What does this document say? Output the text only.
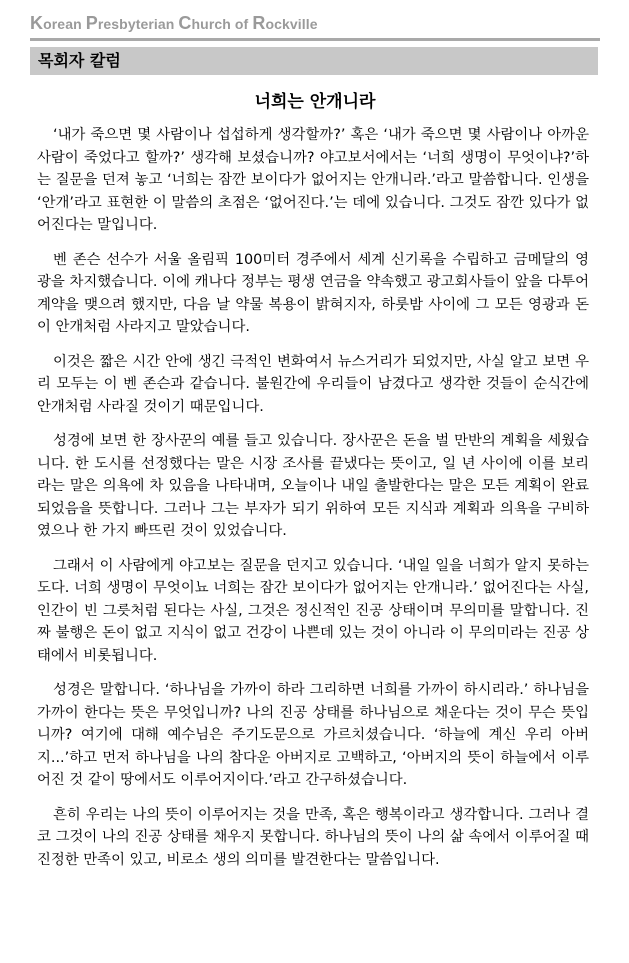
Korean Presbyterian Church of Rockville
목회자 칼럼
너희는 안개니라

‘내가 죽으면 몇 사람이나 섭섭하게 생각할까?’ 혹은 ‘내가 죽으면 몇 사람이나 아까운 사람이 죽었다고 할까?’ 생각해 보셨습니까? 야고보서에서는 ‘너희 생명이 무엇이냐?’하는 질문을 던져 놓고 ‘너희는 잠깐 보이다가 없어지는 안개니라.’라고 말씀합니다. 인생을 ‘안개’라고 표현한 이 말씀의 초점은 ‘없어진다.’는 데에 있습니다. 그것도 잠깐 있다가 없어진다는 말입니다.

벤 존슨 선수가 서울 올림픽 100미터 경주에서 세계 신기록을 수립하고 금메달의 영광을 차지했습니다. 이에 캐나다 정부는 평생 연금을 약속했고 광고회사들이 앞을 다투어 계약을 맺으려 했지만, 다음 날 약물 복용이 밝혀지자, 하룻밤 사이에 그 모든 영광과 돈이 안개처럼 사라지고 말았습니다.

이것은 짧은 시간 안에 생긴 극적인 변화여서 뉴스거리가 되었지만, 사실 알고 보면 우리 모두는 이 벤 존슨과 같습니다. 불원간에 우리들이 남겼다고 생각한 것들이 순식간에 안개처럼 사라질 것이기 때문입니다.

성경에 보면 한 장사꾼의 예를 들고 있습니다. 장사꾼은 돈을 벌 만반의 계획을 세웠습니다. 한 도시를 선정했다는 말은 시장 조사를 끝냈다는 뜻이고, 일 년 사이에 이를 보리라는 말은 의욕에 차 있음을 나타내며, 오늘이나 내일 출발한다는 말은 모든 계획이 완료되었음을 뜻합니다. 그러나 그는 부자가 되기 위하여 모든 지식과 계획과 의욕을 구비하였으나 한 가지 빠뜨린 것이 있었습니다.

그래서 이 사람에게 야고보는 질문을 던지고 있습니다. ‘내일 일을 너희가 알지 못하는 도다. 너희 생명이 무엇이뇨 너희는 잠간 보이다가 없어지는 안개니라.’ 없어진다는 사실, 인간이 빈 그릇처럼 된다는 사실, 그것은 정신적인 진공 상태이며 무의미를 말합니다. 진짜 불행은 돈이 없고 지식이 없고 건강이 나쁜데 있는 것이 아니라 이 무의미라는 진공 상태에서 비롯됩니다.

성경은 말합니다. ‘하나님을 가까이 하라 그리하면 너희를 가까이 하시리라.’ 하나님을 가까이 한다는 뜻은 무엇입니까? 나의 진공 상태를 하나님으로 채운다는 것이 무슨 뜻입니까? 여기에 대해 예수님은 주기도문으로 가르치셨습니다. ‘하늘에 계신 우리 아버지...’하고 먼저 하나님을 나의 참다운 아버지로 고백하고, ‘아버지의 뜻이 하늘에서 이루어진 것 같이 땅에서도 이루어지이다.’라고 간구하셨습니다.

흔히 우리는 나의 뜻이 이루어지는 것을 만족, 혹은 행복이라고 생각합니다. 그러나 결코 그것이 나의 진공 상태를 채우지 못합니다. 하나님의 뜻이 나의 삶 속에서 이루어질 때 진정한 만족이 있고, 비로소 생의 의미를 발견한다는 말씀입니다.
